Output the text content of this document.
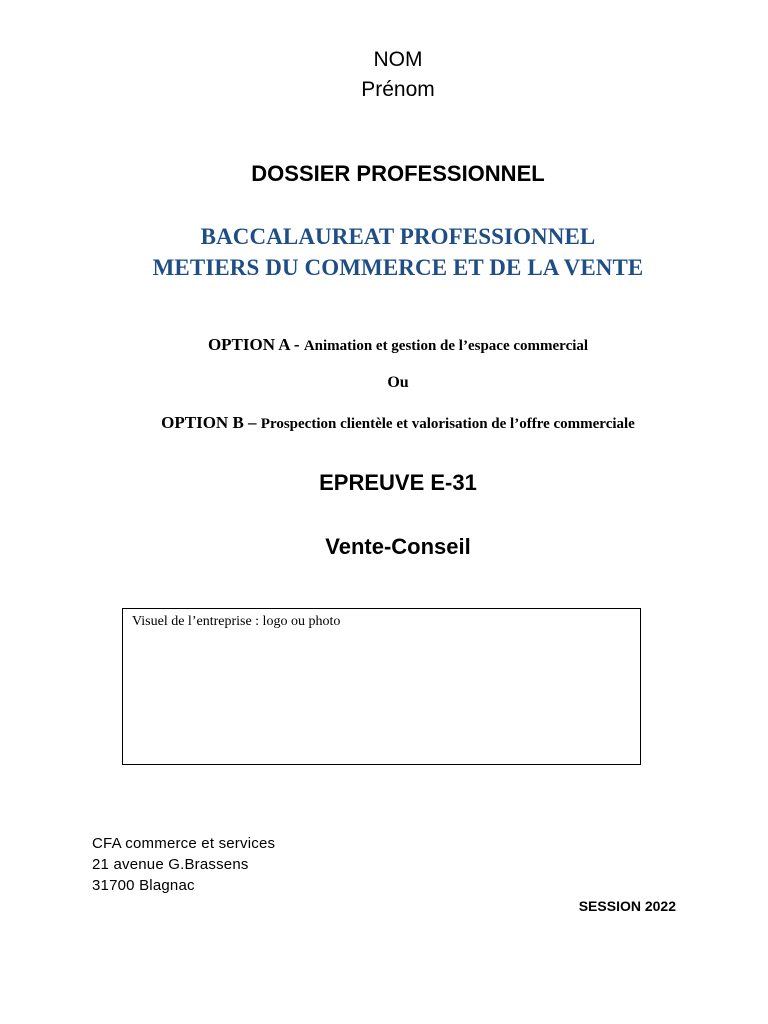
NOM
Prénom
DOSSIER PROFESSIONNEL
BACCALAUREAT PROFESSIONNEL
METIERS DU COMMERCE ET DE LA VENTE
OPTION A - Animation et gestion de l’espace commercial
Ou
OPTION B – Prospection clientèle et valorisation de l’offre commerciale
EPREUVE E-31
Vente-Conseil
Visuel de l’entreprise : logo ou photo
CFA commerce et services
21 avenue G.Brassens
31700 Blagnac
SESSION 2022
